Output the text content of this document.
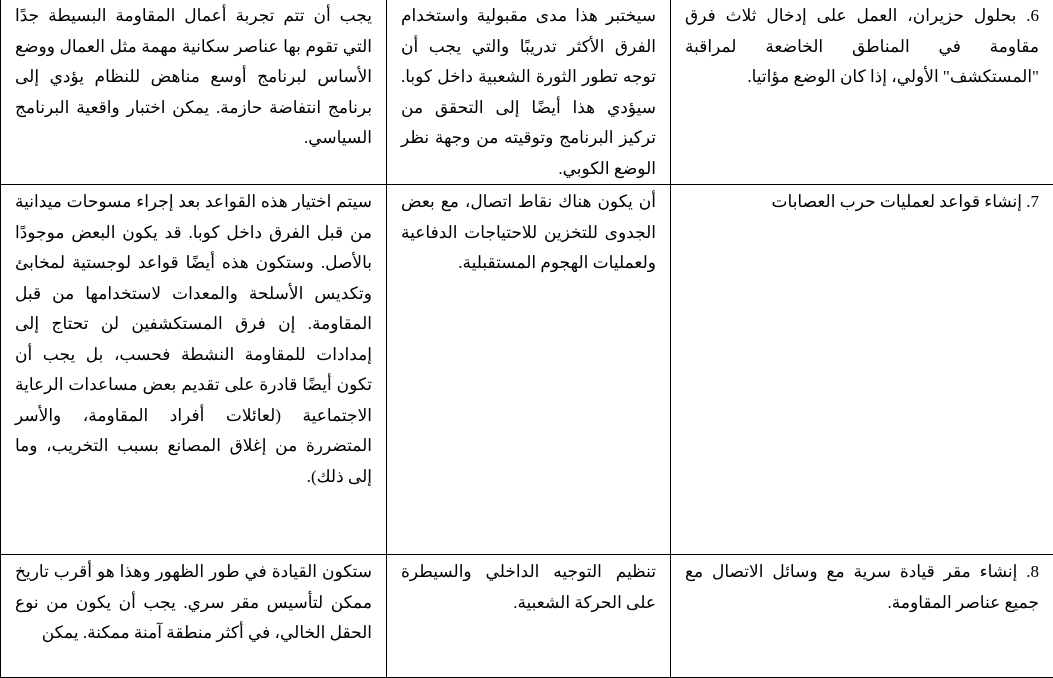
6. بحلول حزيران، العمل على إدخال ثلاث فرق مقاومة في المناطق الخاضعة لمراقبة "المستكشف" الأولي، إذا كان الوضع مؤاتيا.	سيختبر هذا مدى مقبولية واستخدام الفرق الأكثر تدريبًا والتي يجب أن توجه تطور الثورة الشعبية داخل كوبا. سيؤدي هذا أيضًا إلى التحقق من تركيز البرنامج وتوقيته من وجهة نظر الوضع الكوبي.	يجب أن تتم تجربة أعمال المقاومة البسيطة جدًا التي تقوم بها عناصر سكانية مهمة مثل العمال ووضع الأساس لبرنامج أوسع مناهض للنظام يؤدي إلى برنامج انتفاضة حازمة. يمكن اختبار واقعية البرنامج السياسي.

7. إنشاء قواعد لعمليات حرب العصابات	أن يكون هناك نقاط اتصال، مع بعض الجدوى للتخزين للاحتياجات الدفاعية ولعمليات الهجوم المستقبلية.	سيتم اختيار هذه القواعد بعد إجراء مسوحات ميدانية من قبل الفرق داخل كوبا. قد يكون البعض موجودًا بالأصل. وستكون هذه أيضًا قواعد لوجستية لمخابئ وتكديس الأسلحة والمعدات لاستخدامها من قبل المقاومة. إن فرق المستكشفين لن تحتاج إلى إمدادات للمقاومة النشطة فحسب، بل يجب أن تكون أيضًا قادرة على تقديم بعض مساعدات الرعاية الاجتماعية (لعائلات أفراد المقاومة، والأسر المتضررة من إغلاق المصانع بسبب التخريب، وما إلى ذلك).

8. إنشاء مقر قيادة سرية مع وسائل الاتصال مع جميع عناصر المقاومة.	تنظيم التوجيه الداخلي والسيطرة على الحركة الشعبية.	ستكون القيادة في طور الظهور وهذا هو أقرب تاريخ ممكن لتأسيس مقر سري. يجب أن يكون من نوع الحقل الخالي، في أكثر منطقة آمنة ممكنة. يمكن
